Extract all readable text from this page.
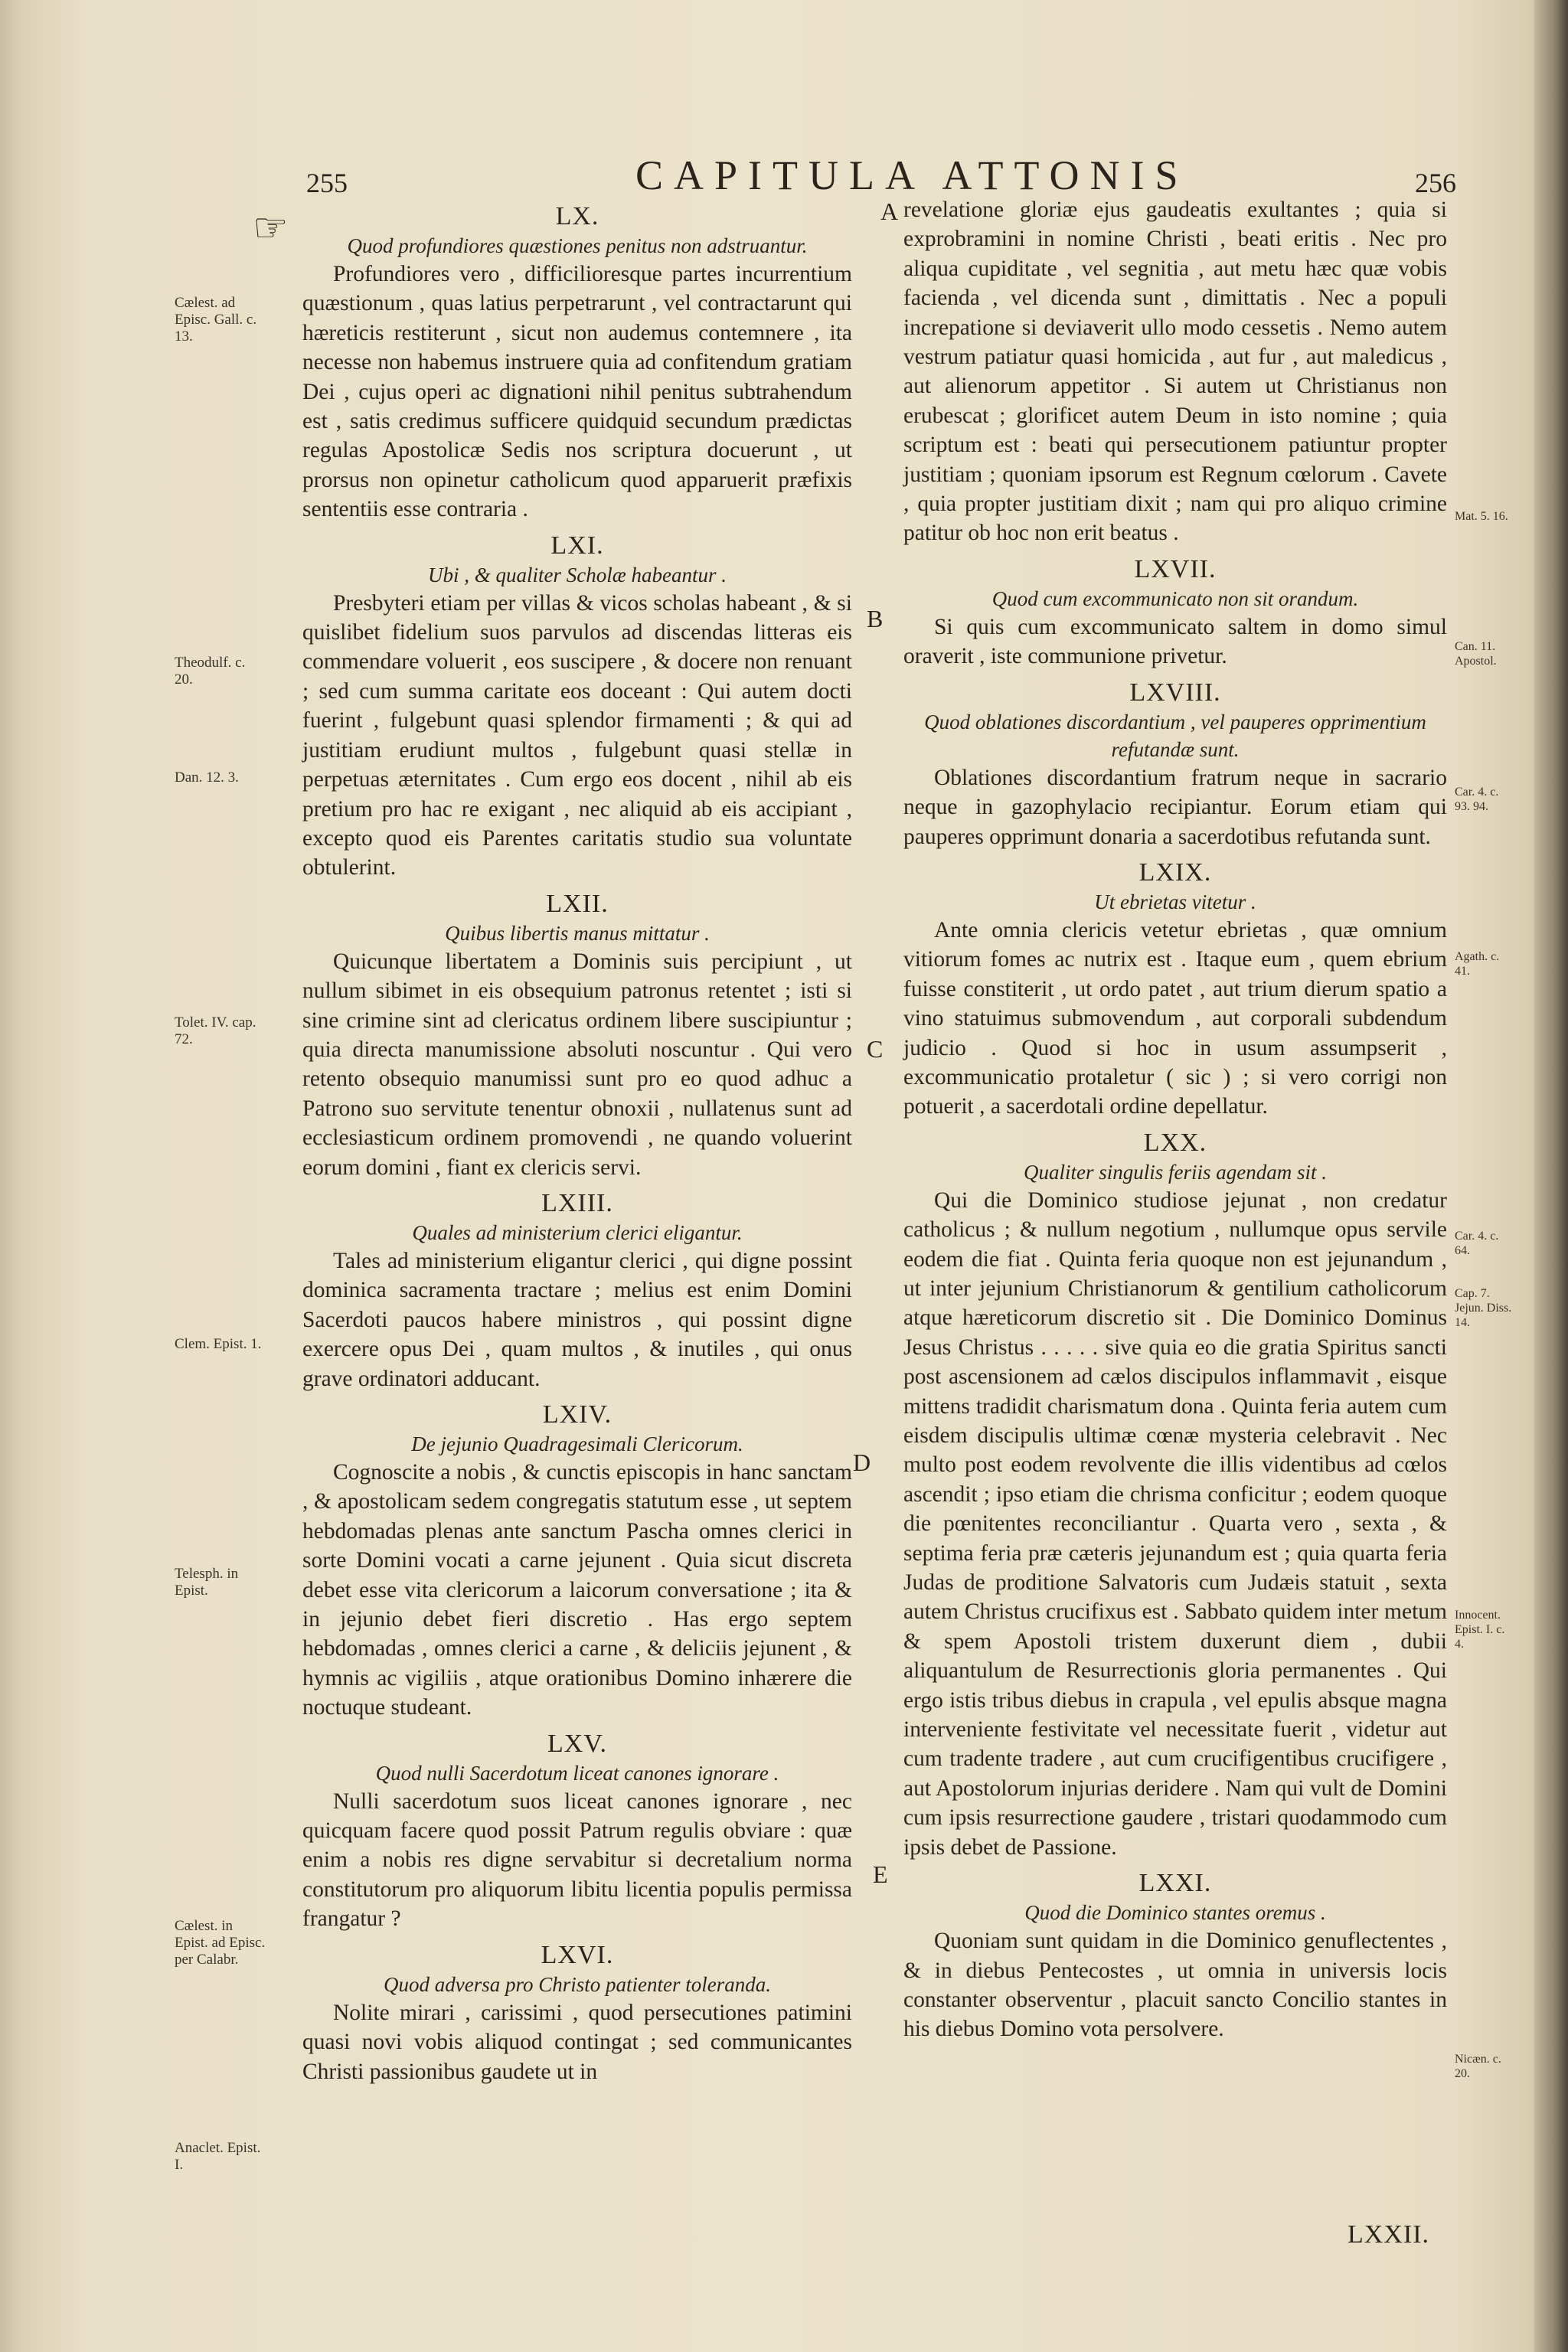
255	CAPITULA ATTONIS	256
☞	LX.
Quod profundiores quæstiones penitus non adstruantur.

Profundiores vero , difficilioresque partes incurrentium quæstionum , quas latius perpetrarunt , vel contractarunt qui hæreticis restiterunt , sicut non audemus contemnere , ita necesse non habemus instruere quia ad confitendum gratiam Dei , cujus operi ac dignationi nihil penitus subtrahendum est , satis credimus sufficere quidquid secundum prædictas regulas Apostolicæ Sedis nos scriptura docuerunt , ut prorsus non opinetur catholicum quod apparuerit præfixis sententiis esse contraria .

LXI.
Ubi , & qualiter Scholæ habeantur .

Presbyteri etiam per villas & vicos scholas habeant , & si quislibet fidelium suos parvulos ad discendas litteras eis commendare voluerit , eos suscipere , & docere non renuant ; sed cum summa caritate eos doceant : Qui autem docti fuerint , fulgebunt quasi splendor firmamenti ; & qui ad justitiam erudiunt multos , fulgebunt quasi stellæ in perpetuas æternitates . Cum ergo eos docent , nihil ab eis pretium pro hac re exigant , nec aliquid ab eis accipiant , excepto quod eis Parentes caritatis studio sua voluntate obtulerint.

LXII.
Quibus libertis manus mittatur .

Quicunque libertatem a Dominis suis percipiunt , ut nullum sibimet in eis obsequium patronus retentet ; isti si sine crimine sint ad clericatus ordinem libere suscipiuntur ; quia directa manumissione absoluti noscuntur . Qui vero retento obsequio manumissi sunt pro eo quod adhuc a Patrono suo servitute tenentur obnoxii , nullatenus sunt ad ecclesiasticum ordinem promovendi , ne quando voluerint eorum domini , fiant ex clericis servi.

LXIII.
Quales ad ministerium clerici eligantur.

Tales ad ministerium eligantur clerici , qui digne possint dominica sacramenta tractare ; melius est enim Domini Sacerdoti paucos habere ministros , qui possint digne exercere opus Dei , quam multos , & inutiles , qui onus grave ordinatori adducant.

LXIV.
De jejunio Quadragesimali Clericorum.

Cognoscite a nobis , & cunctis episcopis in hanc sanctam , & apostolicam sedem congregatis statutum esse , ut septem hebdomadas plenas ante sanctum Pascha omnes clerici in sorte Domini vocati a carne jejunent . Quia sicut discreta debet esse vita clericorum a laicorum conversatione ; ita & in jejunio debet fieri discretio . Has ergo septem hebdomadas , omnes clerici a carne , & deliciis jejunent , & hymnis ac vigiliis , atque orationibus Domino inhærere die noctuque studeant.

LXV.
Quod nulli Sacerdotum liceat canones ignorare .

Nulli sacerdotum suos liceat canones ignorare , nec quicquam facere quod possit Patrum regulis obviare : quæ enim a nobis res digne servabitur si decretalium norma constitutorum pro aliquorum libitu licentia populis permissa frangatur ?

LXVI.
Quod adversa pro Christo patienter toleranda.

Nolite mirari , carissimi , quod persecutiones patimini quasi novi vobis aliquod contingat ; sed communicantes Christi passionibus gaudete ut in

revelatione gloriæ ejus gaudeatis exultantes ; quia si exprobramini in nomine Christi , beati eritis . Nec pro aliqua cupiditate , vel segnitia , aut metu hæc quæ vobis facienda , vel dicenda sunt , dimittatis . Nec a populi increpatione si deviaverit ullo modo cessetis . Nemo autem vestrum patiatur quasi homicida , aut fur , aut maledicus , aut alienorum appetitor . Si autem ut Christianus non erubescat ; glorificet autem Deum in isto nomine ; quia scriptum est : beati qui persecutionem patiuntur propter justitiam ; quoniam ipsorum est Regnum cœlorum . Cavete , quia propter justitiam dixit ; nam qui pro aliquo crimine patitur ob hoc non erit beatus .

LXVII.
Quod cum excommunicato non sit orandum.

Si quis cum excommunicato saltem in domo simul oraverit , iste communione privetur.

LXVIII.
Quod oblationes discordantium , vel pauperes opprimentium refutandæ sunt.

Oblationes discordantium fratrum neque in sacrario neque in gazophylacio recipiantur. Eorum etiam qui pauperes opprimunt donaria a sacerdotibus refutanda sunt.

LXIX.
Ut ebrietas vitetur .

Ante omnia clericis vetetur ebrietas , quæ omnium vitiorum fomes ac nutrix est . Itaque eum , quem ebrium fuisse constiterit , ut ordo patet , aut trium dierum spatio a vino statuimus submovendum , aut corporali subdendum judicio . Quod si hoc in usum assumpserit , excommunicatio protaletur ( sic ) ; si vero corrigi non potuerit , a sacerdotali ordine depellatur.

LXX.
Qualiter singulis feriis agendam sit .

Qui die Dominico studiose jejunat , non credatur catholicus ; & nullum negotium , nullumque opus servile eodem die fiat . Quinta feria quoque non est jejunandum , ut inter jejunium Christianorum & gentilium catholicorum atque hæreticorum discretio sit . Die Dominico Dominus Jesus Christus . . . . . sive quia eo die gratia Spiritus sancti post ascensionem ad cælos discipulos inflammavit , eisque mittens tradidit charismatum dona . Quinta feria autem cum eisdem discipulis ultimæ cœnæ mysteria celebravit . Nec multo post eodem revolvente die illis videntibus ad cœlos ascendit ; ipso etiam die chrisma conficitur ; eodem quoque die pœnitentes reconciliantur . Quarta vero , sexta , & septima feria præ cæteris jejunandum est ; quia quarta feria Judas de proditione Salvatoris cum Judæis statuit , sexta autem Christus crucifixus est . Sabbato quidem inter metum & spem Apostoli tristem duxerunt diem , dubii aliquantulum de Resurrectionis gloria permanentes . Qui ergo istis tribus diebus in crapula , vel epulis absque magna interveniente festivitate vel necessitate fuerit , videtur aut cum tradente tradere , aut cum crucifigentibus crucifigere , aut Apostolorum injurias deridere . Nam qui vult de Domini cum ipsis resurrectione gaudere , tristari quodammodo cum ipsis debet de Passione.

LXXI.
Quod die Dominico stantes oremus .

Quoniam sunt quidam in die Dominico genuflectentes , & in diebus Pentecostes , ut omnia in universis locis constanter observentur , placuit sancto Concilio stantes in his diebus Domino vota persolvere.

A
B
C
D
E
Cælest. ad Episc. Gall. c. 13.
Theodulf. c. 20.
Dan. 12. 3.
Tolet. IV. cap. 72.
Clem. Epist. 1.
Telesph. in Epist.
Cælest. in Epist. ad Episc. per Calabr.
Anaclet. Epist. I.
Mat. 5. 16.
Can. 11. Apostol.
Car. 4. c. 93. 94.
Agath. c. 41.
Car. 4. c. 64.
Cap. 7. Jejun. Diss. 14.
Innocent. Epist. I. c. 4.
Nicæn. c. 20.
LXXII.
